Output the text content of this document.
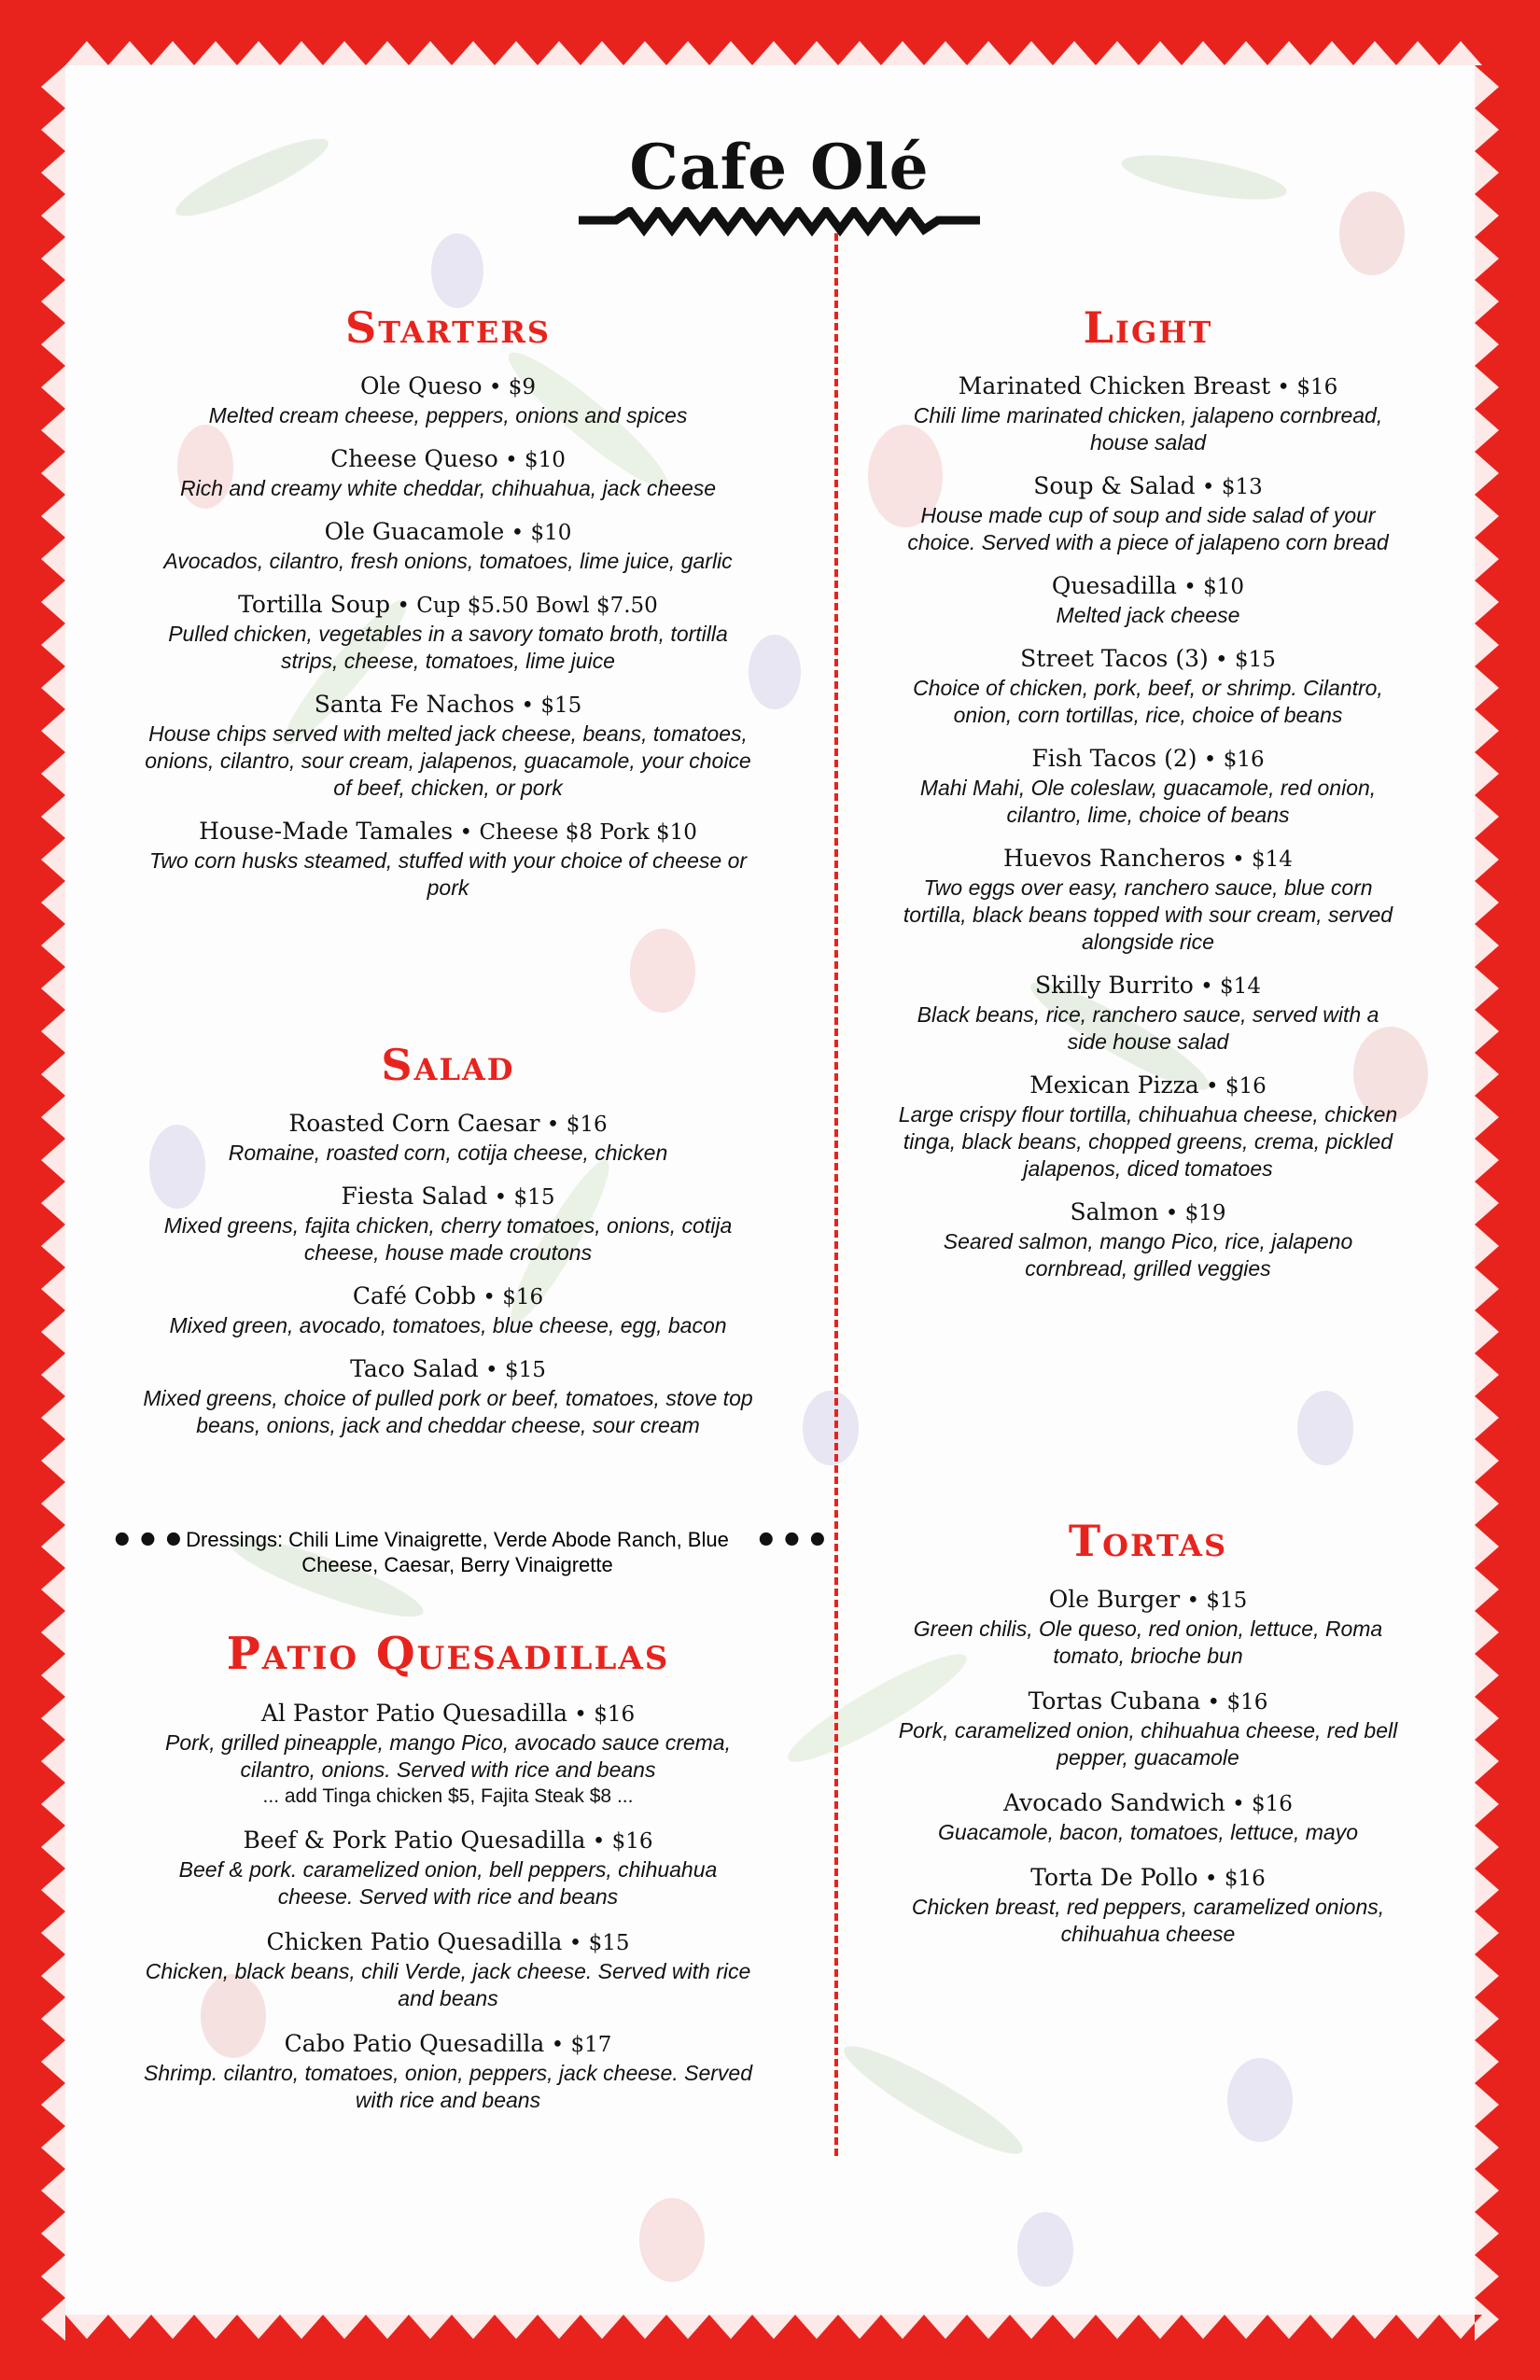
Cafe Olé
Starters
Ole Queso • $9
Melted cream cheese, peppers, onions and spices
Cheese Queso • $10
Rich and creamy white cheddar, chihuahua, jack cheese
Ole Guacamole • $10
Avocados, cilantro, fresh onions, tomatoes, lime juice, garlic
Tortilla Soup • Cup $5.50 Bowl $7.50
Pulled chicken, vegetables in a savory tomato broth, tortilla strips, cheese, tomatoes, lime juice
Santa Fe Nachos • $15
House chips served with melted jack cheese, beans, tomatoes, onions, cilantro, sour cream, jalapenos, guacamole, your choice of beef, chicken, or pork
House-Made Tamales • Cheese $8 Pork $10
Two corn husks steamed, stuffed with your choice of cheese or pork
Salad
Roasted Corn Caesar • $16
Romaine, roasted corn, cotija cheese, chicken
Fiesta Salad • $15
Mixed greens, fajita chicken, cherry tomatoes, onions, cotija cheese, house made croutons
Café Cobb • $16
Mixed green, avocado, tomatoes, blue cheese, egg, bacon
Taco Salad • $15
Mixed greens, choice of pulled pork or beef, tomatoes, stove top beans, onions, jack and cheddar cheese, sour cream
Patio Quesadillas
Al Pastor Patio Quesadilla • $16
Pork, grilled pineapple, mango Pico, avocado sauce crema, cilantro, onions. Served with rice and beans
... add Tinga chicken $5, Fajita Steak $8 ...
Beef & Pork Patio Quesadilla • $16
Beef & pork. caramelized onion, bell peppers, chihuahua cheese. Served with rice and beans
Chicken Patio Quesadilla • $15
Chicken, black beans, chili Verde, jack cheese. Served with rice and beans
Cabo Patio Quesadilla • $17
Shrimp. cilantro, tomatoes, onion, peppers, jack cheese. Served with rice and beans
•••	•••
Dressings: Chili Lime Vinaigrette, Verde Abode Ranch, Blue Cheese, Caesar, Berry Vinaigrette
Light
Marinated Chicken Breast • $16
Chili lime marinated chicken, jalapeno cornbread, house salad
Soup & Salad • $13
House made cup of soup and side salad of your choice. Served with a piece of jalapeno corn bread
Quesadilla • $10
Melted jack cheese
Street Tacos (3) • $15
Choice of chicken, pork, beef, or shrimp. Cilantro, onion, corn tortillas, rice, choice of beans
Fish Tacos (2) • $16
Mahi Mahi, Ole coleslaw, guacamole, red onion, cilantro, lime, choice of beans
Huevos Rancheros • $14
Two eggs over easy, ranchero sauce, blue corn tortilla, black beans topped with sour cream, served alongside rice
Skilly Burrito • $14
Black beans, rice, ranchero sauce, served with a side house salad
Mexican Pizza • $16
Large crispy flour tortilla, chihuahua cheese, chicken tinga, black beans, chopped greens, crema, pickled jalapenos, diced tomatoes
Salmon • $19
Seared salmon, mango Pico, rice, jalapeno cornbread, grilled veggies
Tortas
Ole Burger • $15
Green chilis, Ole queso, red onion, lettuce, Roma tomato, brioche bun
Tortas Cubana • $16
Pork, caramelized onion, chihuahua cheese, red bell pepper, guacamole
Avocado Sandwich • $16
Guacamole, bacon, tomatoes, lettuce, mayo
Torta De Pollo • $16
Chicken breast, red peppers, caramelized onions, chihuahua cheese
